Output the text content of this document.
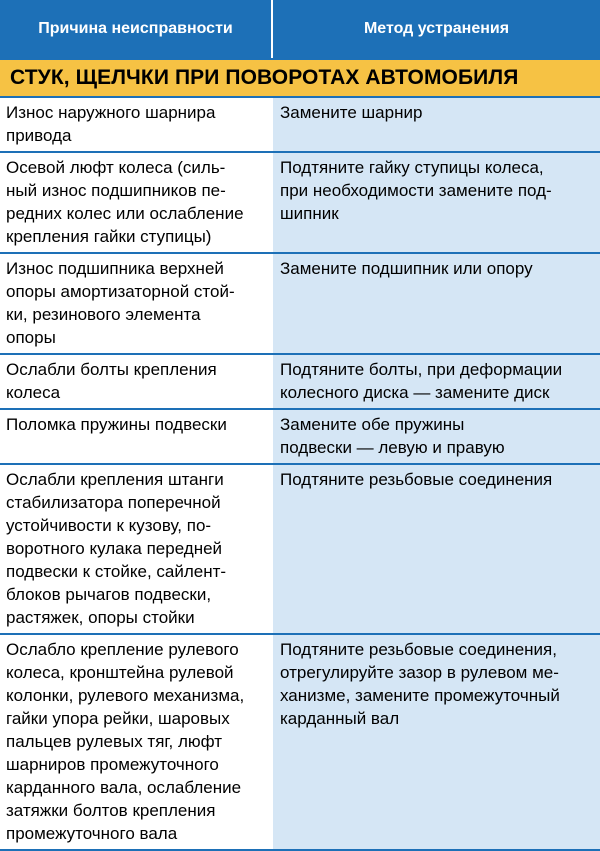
Причина неисправности	Метод устранения
СТУК, ЩЕЛЧКИ ПРИ ПОВОРОТАХ АВТОМОБИЛЯ
Износ наружного шарнира
привода
Замените шарнир
Осевой люфт колеса (силь-
ный износ подшипников пе-
редних колес или ослабление
крепления гайки ступицы)
Подтяните гайку ступицы колеса,
при необходимости замените под-
шипник
Износ подшипника верхней
опоры амортизаторной стой-
ки, резинового элемента
опоры
Замените подшипник или опору
Ослабли болты крепления
колеса
Подтяните болты, при деформации
колесного диска — замените диск
Поломка пружины подвески	Замените обе пружины
подвески — левую и правую
Ослабли крепления штанги
стабилизатора поперечной
устойчивости к кузову, по-
воротного кулака передней
подвески к стойке, сайлент-
блоков рычагов подвески,
растяжек, опоры стойки
Подтяните резьбовые соединения
Ослабло крепление рулевого
колеса, кронштейна рулевой
колонки, рулевого механизма,
гайки упора рейки, шаровых
пальцев рулевых тяг, люфт
шарниров промежуточного
карданного вала, ослабление
затяжки болтов крепления
промежуточного вала
Подтяните резьбовые соединения,
отрегулируйте зазор в рулевом ме-
ханизме, замените промежуточный
карданный вал
